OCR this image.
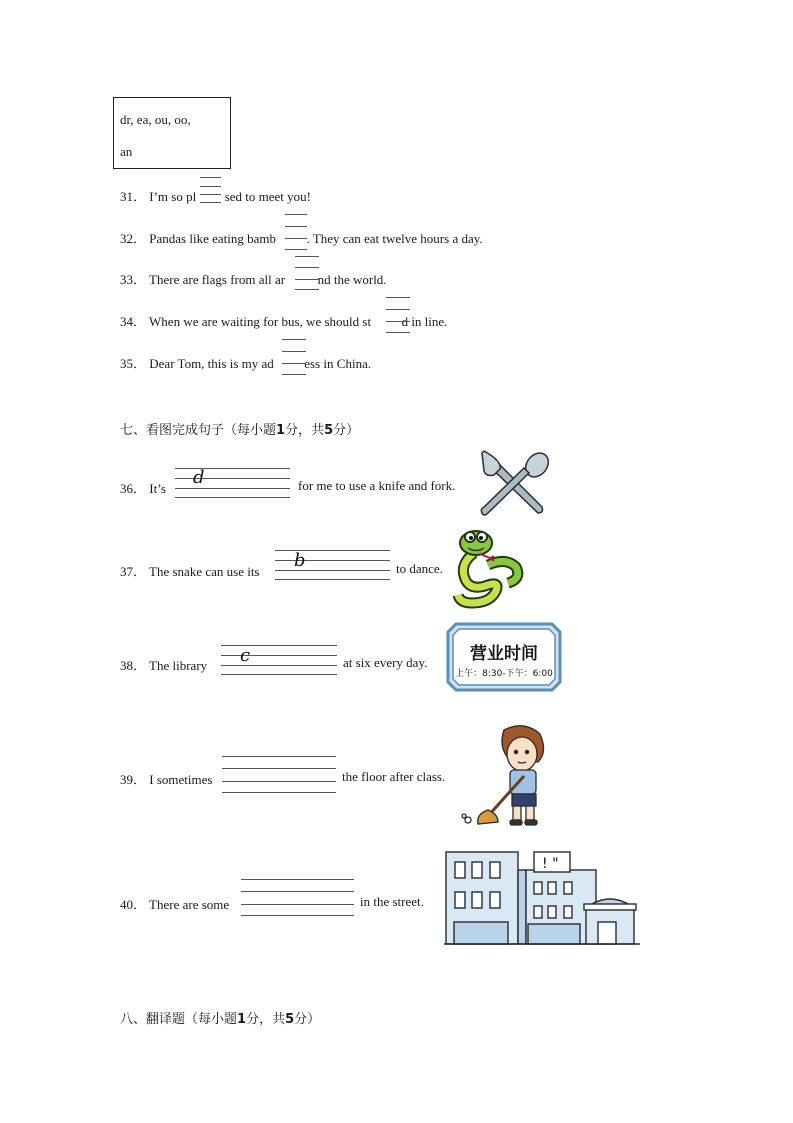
dr, ea, ou, oo,
an
31． I’m so pl sed to meet you!
32． Pandas like eating bamb . They can eat twelve hours a day.
33． There are flags from all ar	nd the world.
34． When we are waiting for bus, we should st d in line.
35． Dear Tom, this is my ad ess in China.
七、看图完成句子（每小题1分，共5分）
36． It’s
d	for me to use a knife and fork.
37． The snake can use its
b	to dance.
38． The library c	at six every day.	营业时间
上午：8:30-下午：6:00
39． I sometimes	the floor after class.
40． There are some	in the street.
! "
八、翻译题（每小题1分，共5分）
